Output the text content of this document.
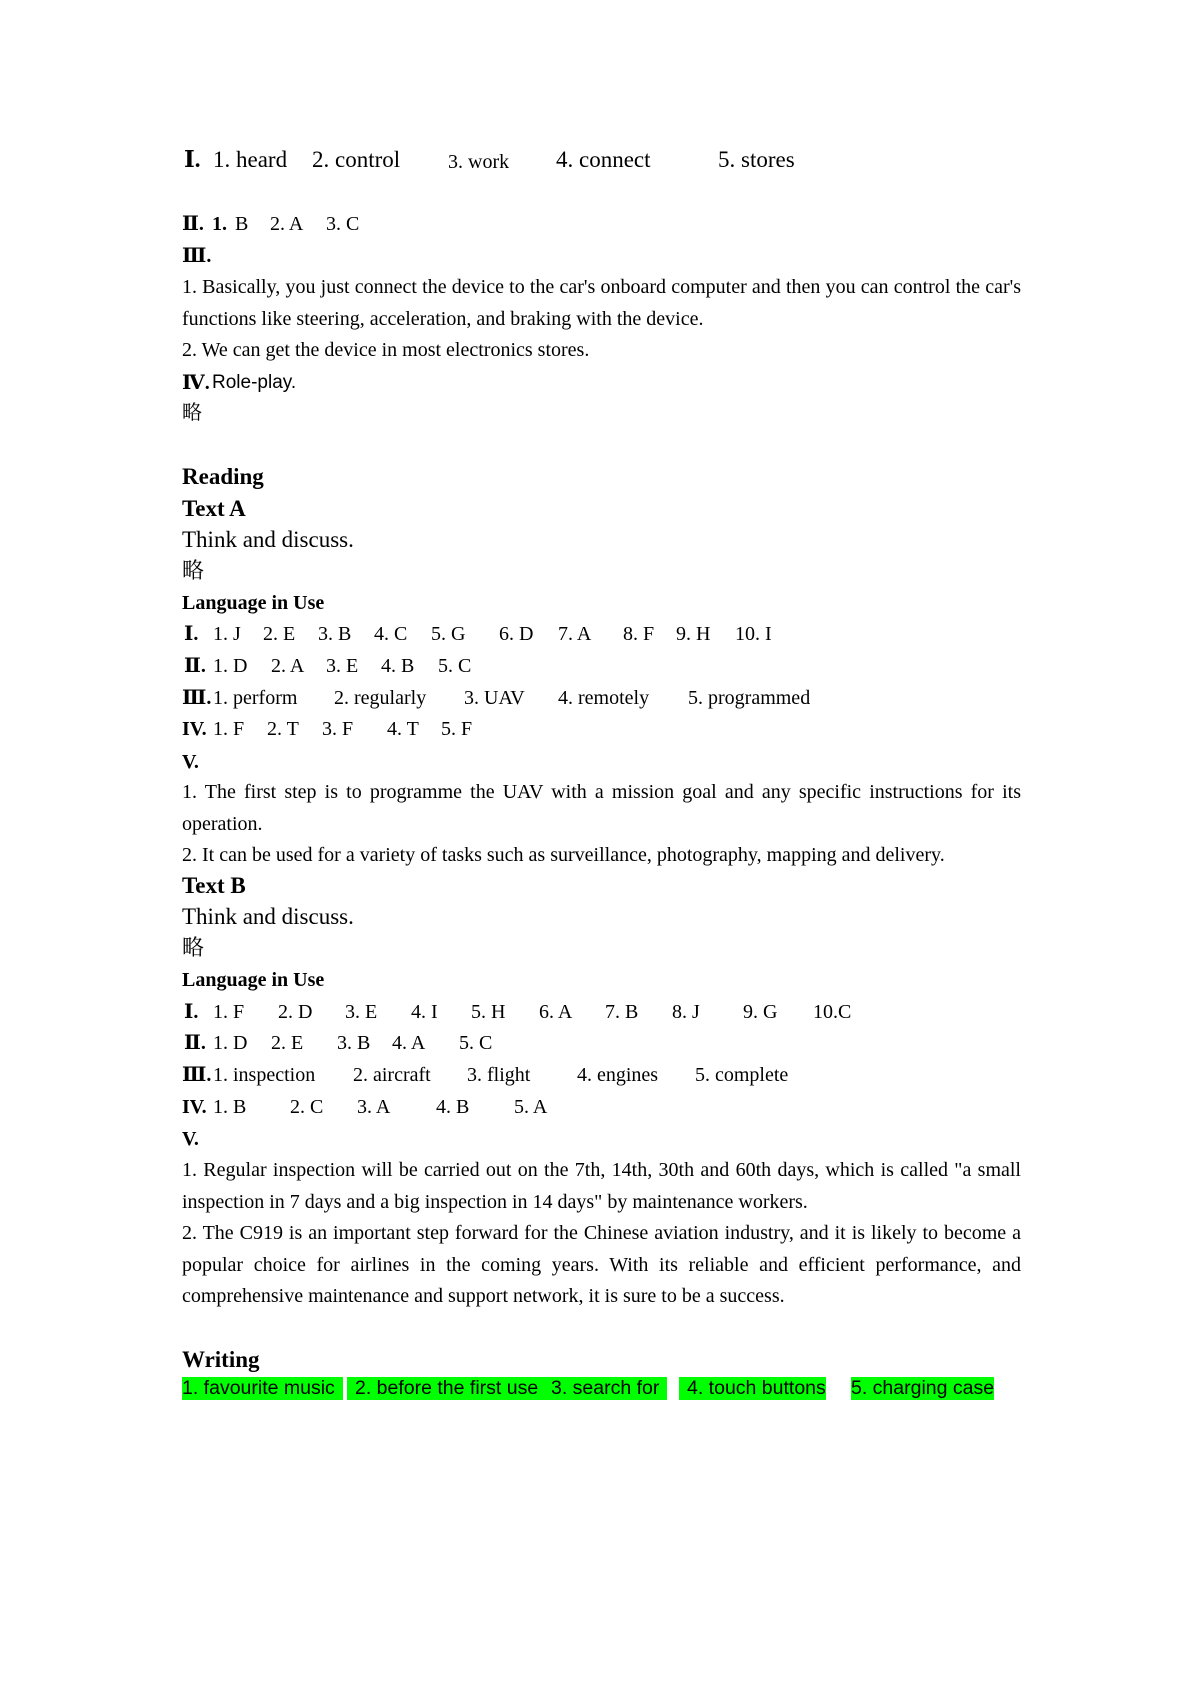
Ⅰ. 1. heard 2. control 3. work 4. connect	5. stores
Ⅱ. 1. B 2. A 3. C
Ⅲ.

1. Basically, you just connect the device to the car's onboard computer and then you can control the car's functions like steering, acceleration, and braking with the device.

2. We can get the device in most electronics stores.

Ⅳ. Role-play.
略
Reading
Text A
Think and discuss.
略
Language in Use
Ⅰ. 1. J 2. E 3. B 4. C 5. G 6. D 7. A 8. F 9. H 10. I
Ⅱ. 1. D 2. A 3. E 4. B 5. C
Ⅲ. 1. perform 2. regularly 3. UAV 4. remotely 5. programmed
IV. 1. F 2. T 3. F 4. T 5. F
V.

1. The first step is to programme the UAV with a mission goal and any specific instructions for its operation.

2. It can be used for a variety of tasks such as surveillance, photography, mapping and delivery.

Text B
Think and discuss.
略
Language in Use
Ⅰ. 1. F 2. D 3. E 4. I 5. H 6. A 7. B 8. J 9. G 10.C
Ⅱ. 1. D 2. E 3. B 4. A 5. C
Ⅲ. 1. inspection 2. aircraft 3. flight 4. engines 5. complete
IV. 1. B 2. C 3. A 4. B 5. A
V.

1. Regular inspection will be carried out on the 7th, 14th, 30th and 60th days, which is called "a small inspection in 7 days and a big inspection in 14 days" by maintenance workers.

2. The C919 is an important step forward for the Chinese aviation industry, and it is likely to become a popular choice for airlines in the coming years. With its reliable and efficient performance, and comprehensive maintenance and support network, it is sure to be a success.

Writing
1. favourite music	2. before the first use 3. search for	4. touch buttons 5. charging case
